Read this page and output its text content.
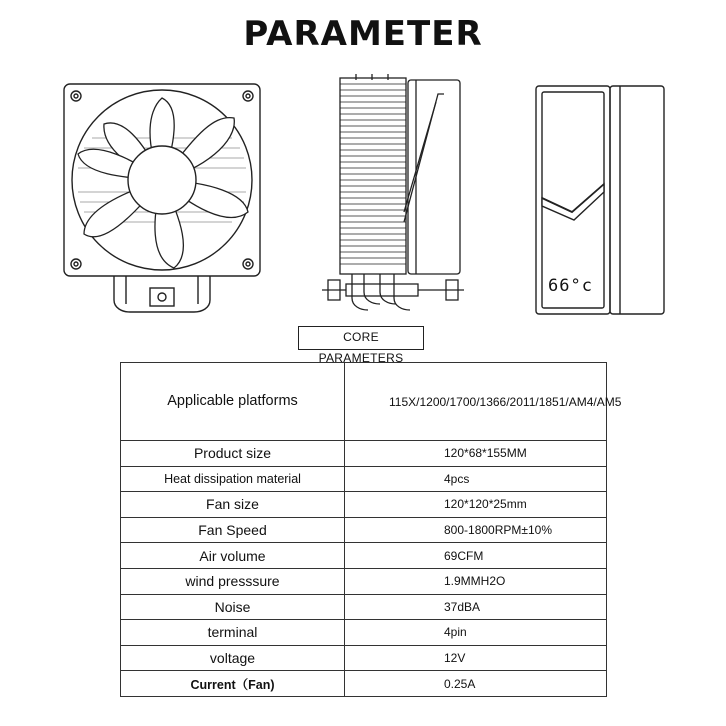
PARAMETER
66°c
CORE PARAMETERS
Applicable platforms	115X/1200/1700/1366/2011/1851/AM4/AM5
Product size	120*68*155MM
Heat dissipation material	4pcs
Fan size	120*120*25mm
Fan Speed	800-1800RPM±10%
Air volume	69CFM
wind presssure	1.9MMH2O
Noise	37dBA
terminal	4pin
voltage	12V
Current（Fan)	0.25A
